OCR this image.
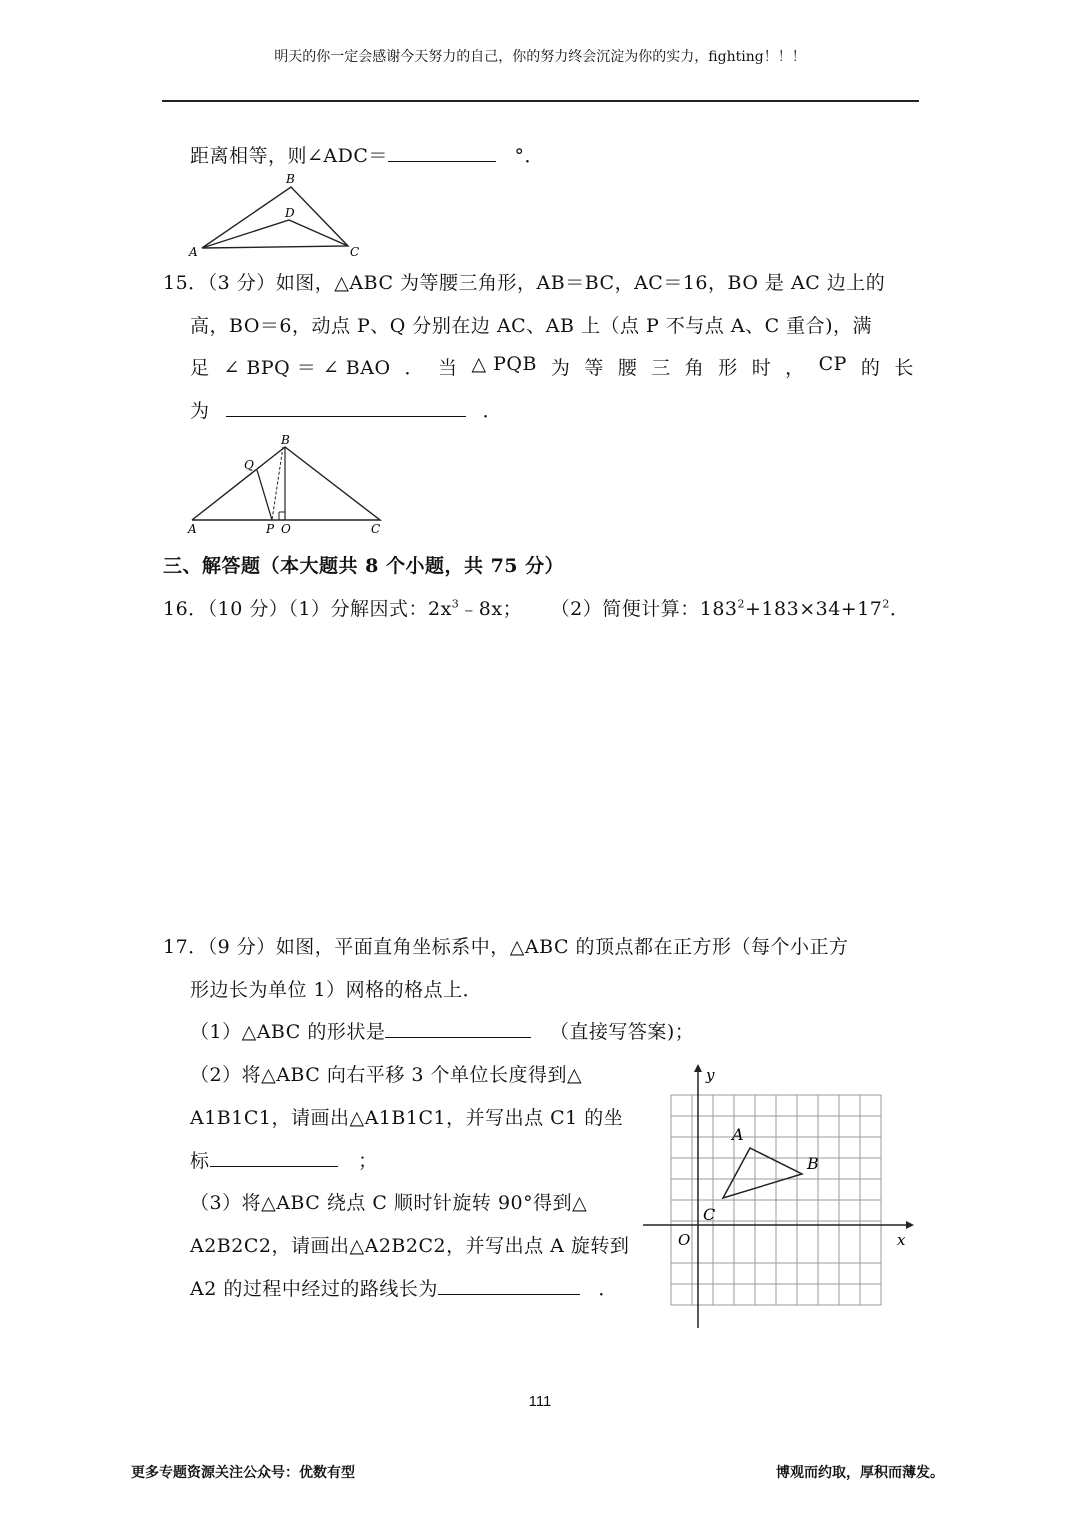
明天的你一定会感谢今天努力的自己，你的努力终会沉淀为你的实力，fighting！！！
距离相等，则∠ADC＝	°．
B
D
A	C
15．（3 分）如图，△ABC 为等腰三角形，AB＝BC，AC＝16，BO 是 AC 边上的
高，BO＝6，动点 P、Q 分别在边 AC、AB 上（点 P 不与点 A、C 重合)，满
足 ∠ BPQ ＝ ∠ BAO ． 当 △ PQB 为 等 腰 三 角 形 时 ， CP 的 长
为	．
B
Q
A	P O	C
三、解答题（本大题共 8 个小题，共 75 分）
16．（10 分）（1）分解因式：$2x^3﹣8x$； （2）简便计算：$183^2+183\times 34+17^2$．
17．（9 分）如图，平面直角坐标系中，△ABC 的顶点都在正方形（每个小正方
形边长为单位 1）网格的格点上．
（1）△ABC 的形状是	（直接写答案)；
（2）将△ABC 向右平移 3 个单位长度得到△
A1B1C1，请画出△A1B1C1，并写出点 C1 的坐
标	；
（3）将△ABC 绕点 C 顺时针旋转 90°得到△
A2B2C2，请画出△A2B2C2，并写出点 A 旋转到
A2 的过程中经过的路线长为	．
y
x
O
A
B
C
111
更多专题资源关注公众号：优数有型	博观而约取，厚积而薄发。
